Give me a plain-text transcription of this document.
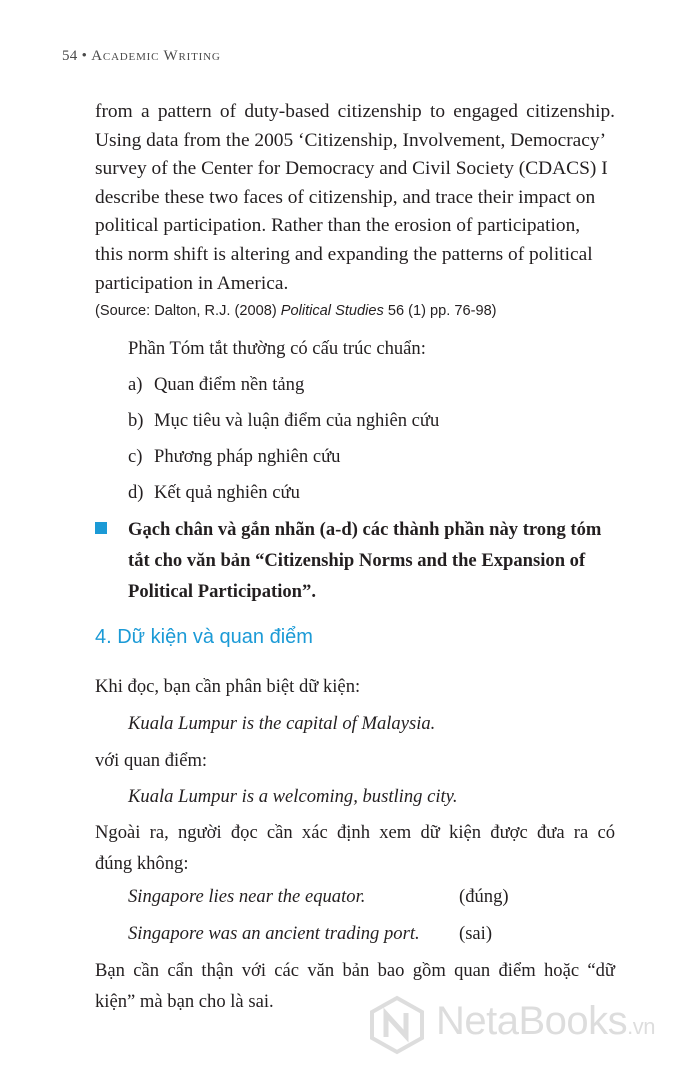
54 • Academic Writing
from a pattern of duty-based citizenship to engaged citizenship.
Using data from the 2005 ‘Citizenship, Involvement, Democracy’
survey of the Center for Democracy and Civil Society (CDACS) I
describe these two faces of citizenship, and trace their impact on
political participation. Rather than the erosion of participation,
this norm shift is altering and expanding the patterns of political
participation in America.
(Source: Dalton, R.J. (2008) Political Studies 56 (1) pp. 76-98)
Phần Tóm tắt thường có cấu trúc chuẩn:
a) Quan điểm nền tảng
b) Mục tiêu và luận điểm của nghiên cứu
c) Phương pháp nghiên cứu
d) Kết quả nghiên cứu
Gạch chân và gắn nhãn (a-d) các thành phần này trong tóm
tắt cho văn bản “Citizenship Norms and the Expansion of
Political Participation”.
4. Dữ kiện và quan điểm
Khi đọc, bạn cần phân biệt dữ kiện:
Kuala Lumpur is the capital of Malaysia.
với quan điểm:
Kuala Lumpur is a welcoming, bustling city.
Ngoài ra, người đọc cần xác định xem dữ kiện được đưa ra có
đúng không:
Singapore lies near the equator.	(đúng)
Singapore was an ancient trading port. (sai)
Bạn cần cẩn thận với các văn bản bao gồm quan điểm hoặc “dữ
kiện” mà bạn cho là sai.	NetaBooks.vn
